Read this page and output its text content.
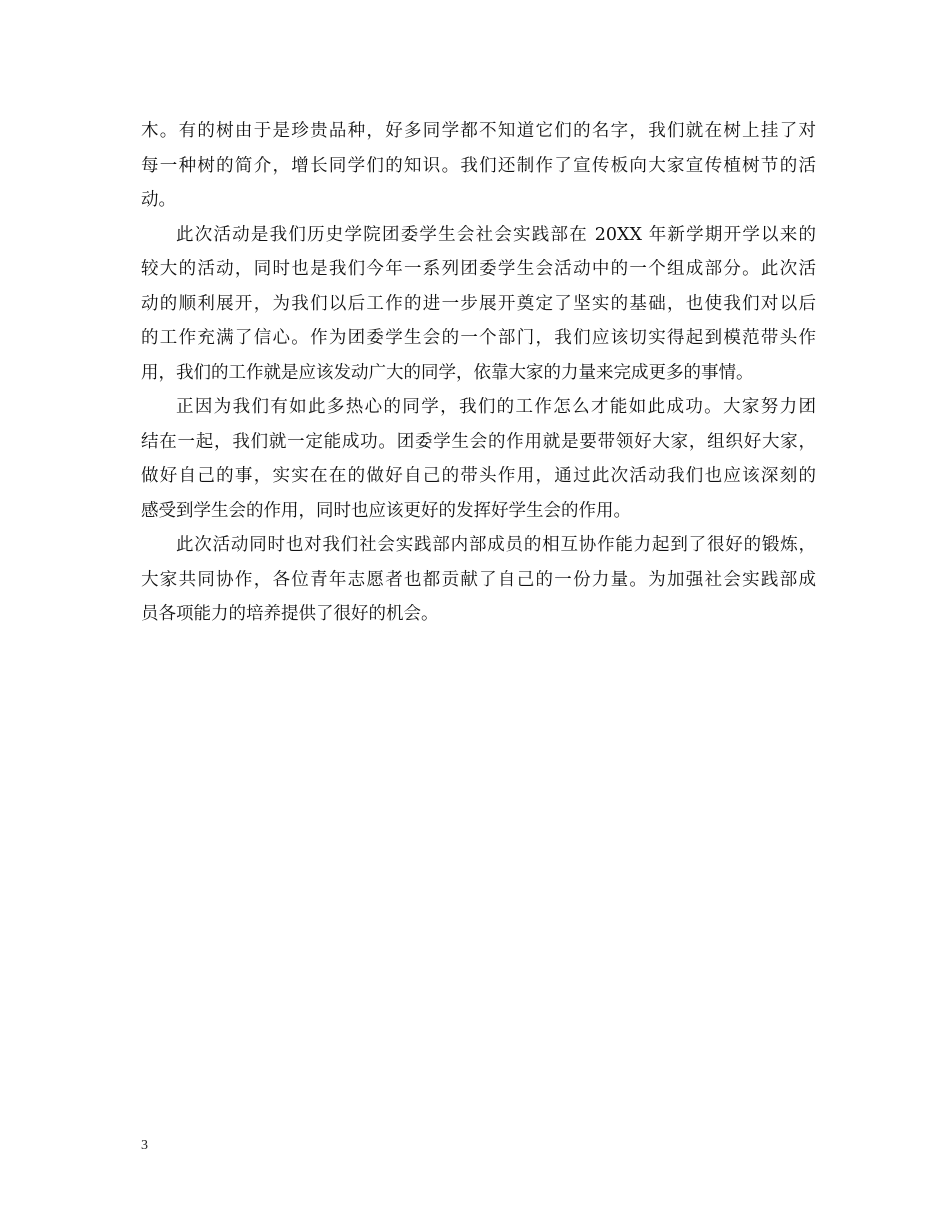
木。有的树由于是珍贵品种，好多同学都不知道它们的名字，我们就在树上挂了对
每一种树的简介，增长同学们的知识。我们还制作了宣传板向大家宣传植树节的活
动。
此次活动是我们历史学院团委学生会社会实践部在 20XX 年新学期开学以来的
较大的活动，同时也是我们今年一系列团委学生会活动中的一个组成部分。此次活
动的顺利展开，为我们以后工作的进一步展开奠定了坚实的基础，也使我们对以后
的工作充满了信心。作为团委学生会的一个部门，我们应该切实得起到模范带头作
用，我们的工作就是应该发动广大的同学，依靠大家的力量来完成更多的事情。
正因为我们有如此多热心的同学，我们的工作怎么才能如此成功。大家努力团
结在一起，我们就一定能成功。团委学生会的作用就是要带领好大家，组织好大家，
做好自己的事，实实在在的做好自己的带头作用，通过此次活动我们也应该深刻的
感受到学生会的作用，同时也应该更好的发挥好学生会的作用。
此次活动同时也对我们社会实践部内部成员的相互协作能力起到了很好的锻炼，
大家共同协作，各位青年志愿者也都贡献了自己的一份力量。为加强社会实践部成
员各项能力的培养提供了很好的机会。
3
